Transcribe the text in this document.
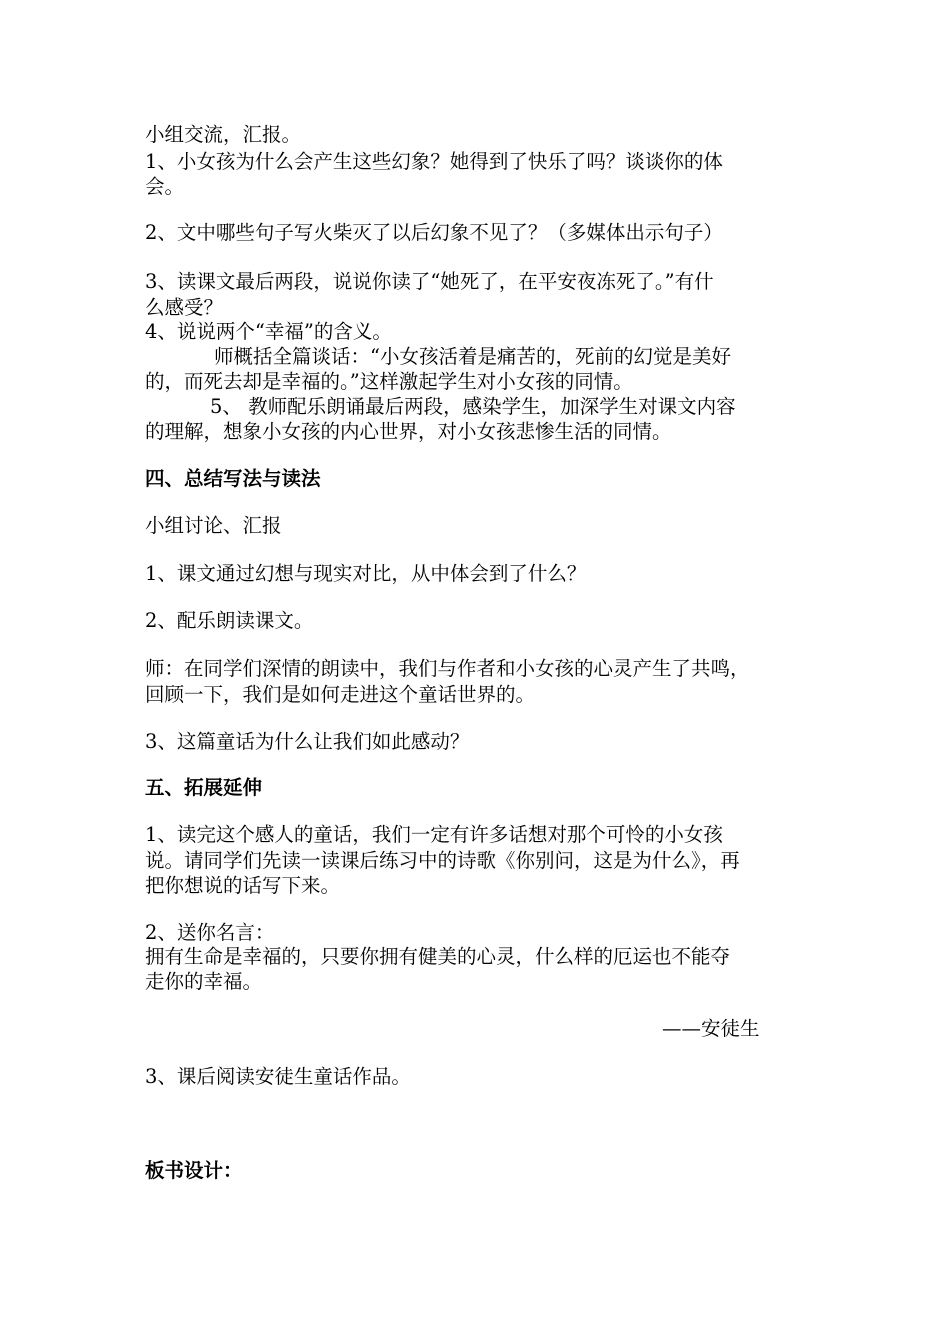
小组交流，汇报。
1、小女孩为什么会产生这些幻象？她得到了快乐了吗？谈谈你的体
会。
2、文中哪些句子写火柴灭了以后幻象不见了？（多媒体出示句子）
3、读课文最后两段，说说你读了“她死了，在平安夜冻死了。”有什
么感受？
4、说说两个“幸福”的含义。
师概括全篇谈话：“小女孩活着是痛苦的，死前的幻觉是美好
的，而死去却是幸福的。”这样激起学生对小女孩的同情。
5、 教师配乐朗诵最后两段，感染学生，加深学生对课文内容
的理解，想象小女孩的内心世界，对小女孩悲惨生活的同情。
四、总结写法与读法
小组讨论、汇报
1、课文通过幻想与现实对比，从中体会到了什么？
2、配乐朗读课文。
师：在同学们深情的朗读中，我们与作者和小女孩的心灵产生了共鸣，
回顾一下，我们是如何走进这个童话世界的。
3、这篇童话为什么让我们如此感动？
五、拓展延伸
1、读完这个感人的童话，我们一定有许多话想对那个可怜的小女孩
说。请同学们先读一读课后练习中的诗歌《你别问，这是为什么》，再
把你想说的话写下来。
2、送你名言：
拥有生命是幸福的，只要你拥有健美的心灵，什么样的厄运也不能夺
走你的幸福。
——安徒生
3、课后阅读安徒生童话作品。
板书设计：
